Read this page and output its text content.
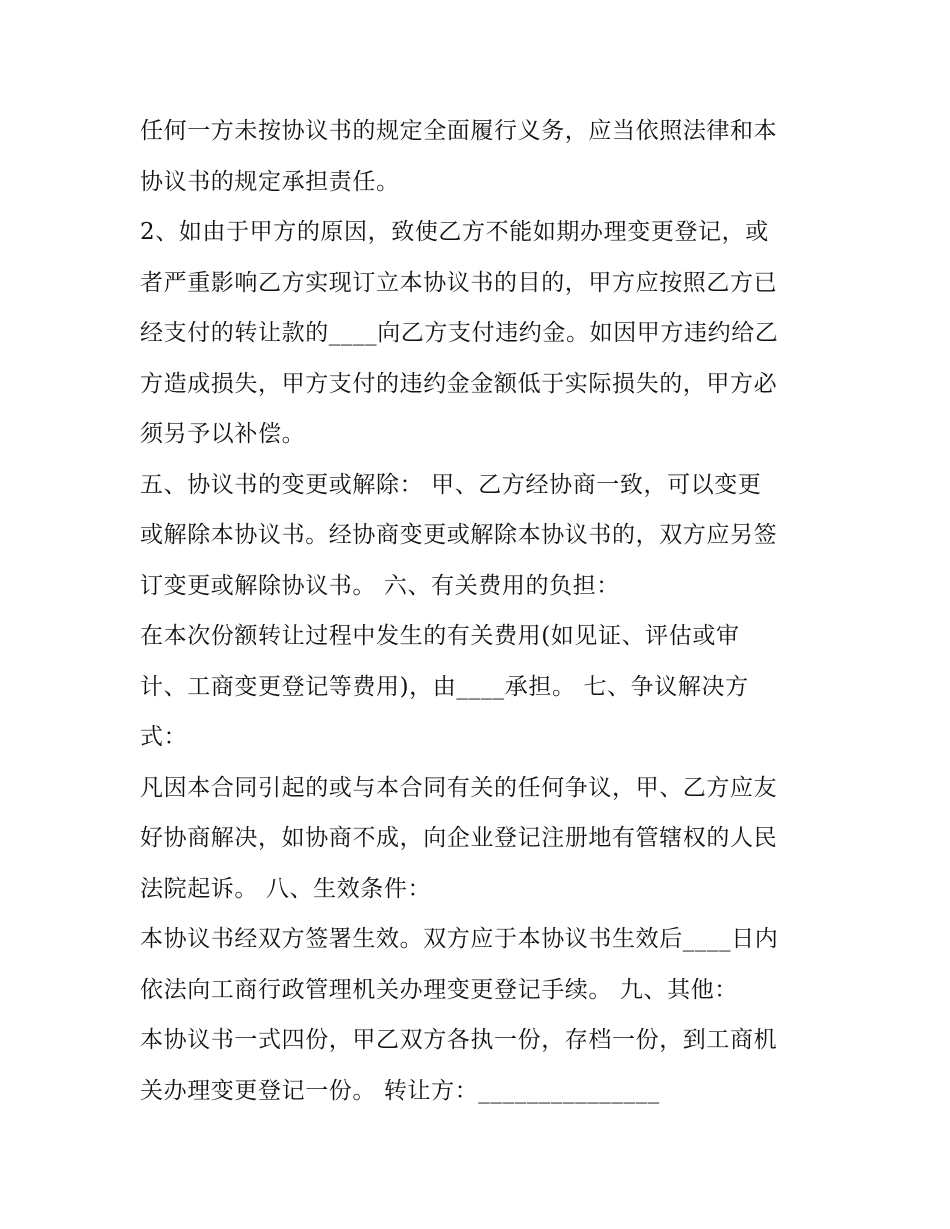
任何一方未按协议书的规定全面履行义务，应当依照法律和本
协议书的规定承担责任。
2、如由于甲方的原因，致使乙方不能如期办理变更登记，或
者严重影响乙方实现订立本协议书的目的，甲方应按照乙方已
经支付的转让款的____向乙方支付违约金。如因甲方违约给乙
方造成损失，甲方支付的违约金金额低于实际损失的，甲方必
须另予以补偿。
五、协议书的变更或解除： 甲、乙方经协商一致，可以变更
或解除本协议书。经协商变更或解除本协议书的，双方应另签
订变更或解除协议书。 六、有关费用的负担：
在本次份额转让过程中发生的有关费用(如见证、评估或审
计、工商变更登记等费用)，由____承担。 七、争议解决方
式：
凡因本合同引起的或与本合同有关的任何争议，甲、乙方应友
好协商解决，如协商不成，向企业登记注册地有管辖权的人民
法院起诉。 八、生效条件：
本协议书经双方签署生效。双方应于本协议书生效后____日内
依法向工商行政管理机关办理变更登记手续。 九、其他：
本协议书一式四份，甲乙双方各执一份，存档一份，到工商机
关办理变更登记一份。 转让方：_______________
